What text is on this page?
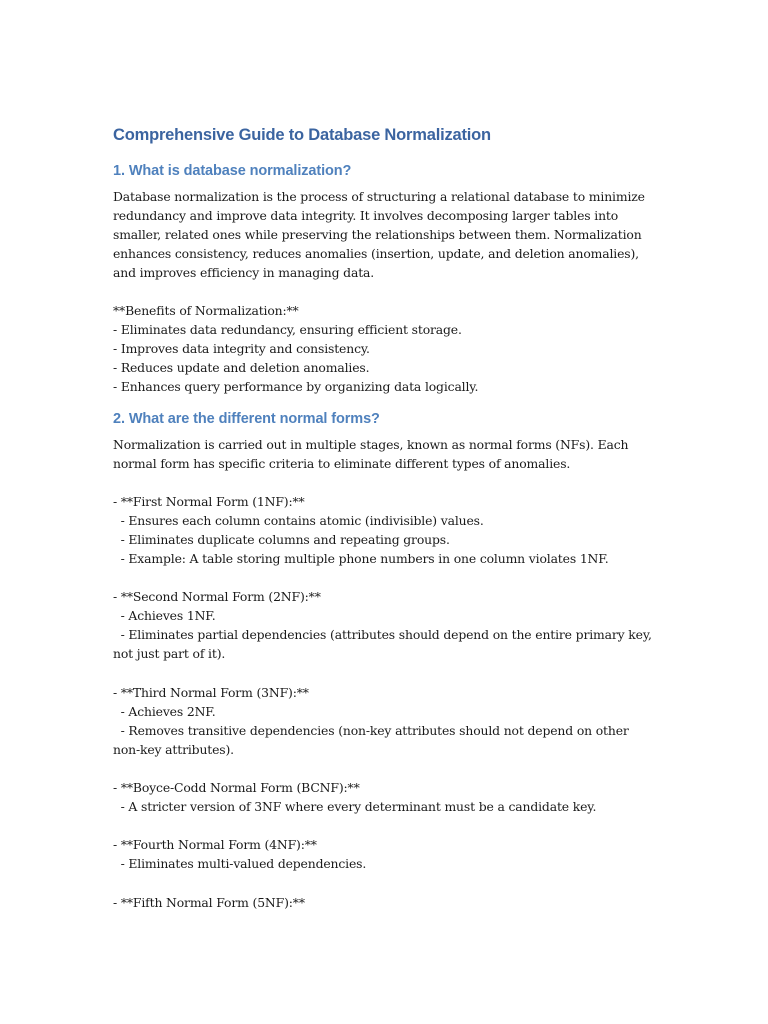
Comprehensive Guide to Database Normalization
1. What is database normalization?

Database normalization is the process of structuring a relational database to minimize redundancy and improve data integrity. It involves decomposing larger tables into smaller, related ones while preserving the relationships between them. Normalization enhances consistency, reduces anomalies (insertion, update, and deletion anomalies), and improves efficiency in managing data.

**Benefits of Normalization:**
- Eliminates data redundancy, ensuring efficient storage.
- Improves data integrity and consistency.
- Reduces update and deletion anomalies.
- Enhances query performance by organizing data logically.
2. What are the different normal forms?

Normalization is carried out in multiple stages, known as normal forms (NFs). Each normal form has specific criteria to eliminate different types of anomalies.

- **First Normal Form (1NF):**
- Ensures each column contains atomic (indivisible) values.
- Eliminates duplicate columns and repeating groups.
- Example: A table storing multiple phone numbers in one column violates 1NF.
- **Second Normal Form (2NF):**
- Achieves 1NF.
- Eliminates partial dependencies (attributes should depend on the entire primary key, not just part of it).
- **Third Normal Form (3NF):**
- Achieves 2NF.
- Removes transitive dependencies (non-key attributes should not depend on other non-key attributes).
- **Boyce-Codd Normal Form (BCNF):**
- A stricter version of 3NF where every determinant must be a candidate key.
- **Fourth Normal Form (4NF):**
- Eliminates multi-valued dependencies.
- **Fifth Normal Form (5NF):**
